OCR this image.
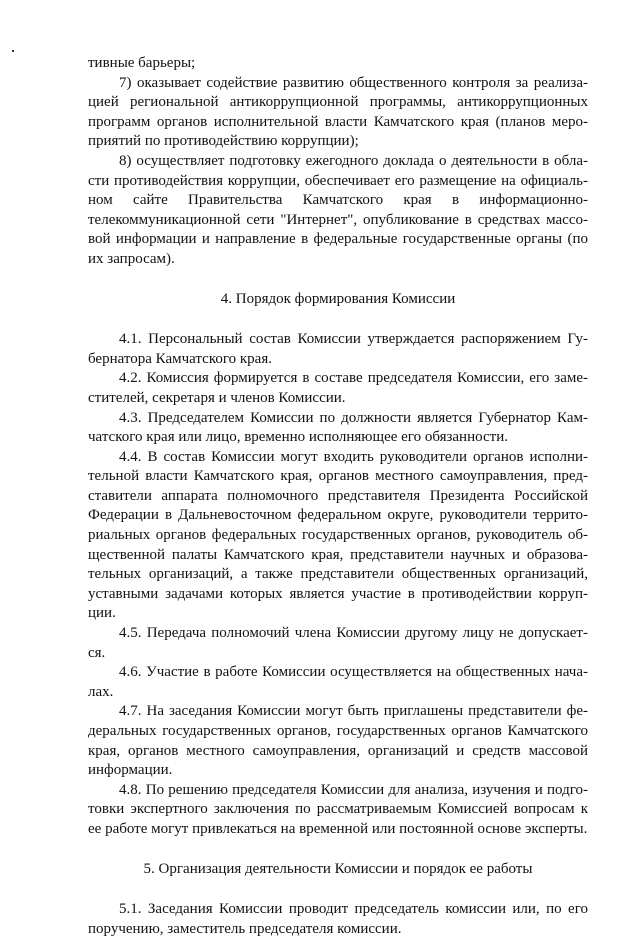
тивные барьеры;
7) оказывает содействие развитию общественного контроля за реализа-
цией региональной антикоррупционной программы, антикоррупционных
программ органов исполнительной власти Камчатского края (планов меро-
приятий по противодействию коррупции);
8) осуществляет подготовку ежегодного доклада о деятельности в обла-
сти противодействия коррупции, обеспечивает его размещение на официаль-
ном сайте Правительства Камчатского края в информационно-
телекоммуникационной сети "Интернет", опубликование в средствах массо-
вой информации и направление в федеральные государственные органы (по
их запросам).
4. Порядок формирования Комиссии
4.1. Персональный состав Комиссии утверждается распоряжением Гу-
бернатора Камчатского края.
4.2. Комиссия формируется в составе председателя Комиссии, его заме-
стителей, секретаря и членов Комиссии.
4.3. Председателем Комиссии по должности является Губернатор Кам-
чатского края или лицо, временно исполняющее его обязанности.
4.4. В состав Комиссии могут входить руководители органов исполни-
тельной власти Камчатского края, органов местного самоуправления, пред-
ставители аппарата полномочного представителя Президента Российской
Федерации в Дальневосточном федеральном округе, руководители террито-
риальных органов федеральных государственных органов, руководитель об-
щественной палаты Камчатского края, представители научных и образова-
тельных организаций, а также представители общественных организаций,
уставными задачами которых является участие в противодействии корруп-
ции.
4.5. Передача полномочий члена Комиссии другому лицу не допускает-
ся.
4.6. Участие в работе Комиссии осуществляется на общественных нача-
лах.
4.7. На заседания Комиссии могут быть приглашены представители фе-
деральных государственных органов, государственных органов Камчатского
края, органов местного самоуправления, организаций и средств массовой
информации.
4.8. По решению председателя Комиссии для анализа, изучения и подго-
товки экспертного заключения по рассматриваемым Комиссией вопросам к
ее работе могут привлекаться на временной или постоянной основе эксперты.
5. Организация деятельности Комиссии и порядок ее работы
5.1. Заседания Комиссии проводит председатель комиссии или, по его
поручению, заместитель председателя комиссии.
